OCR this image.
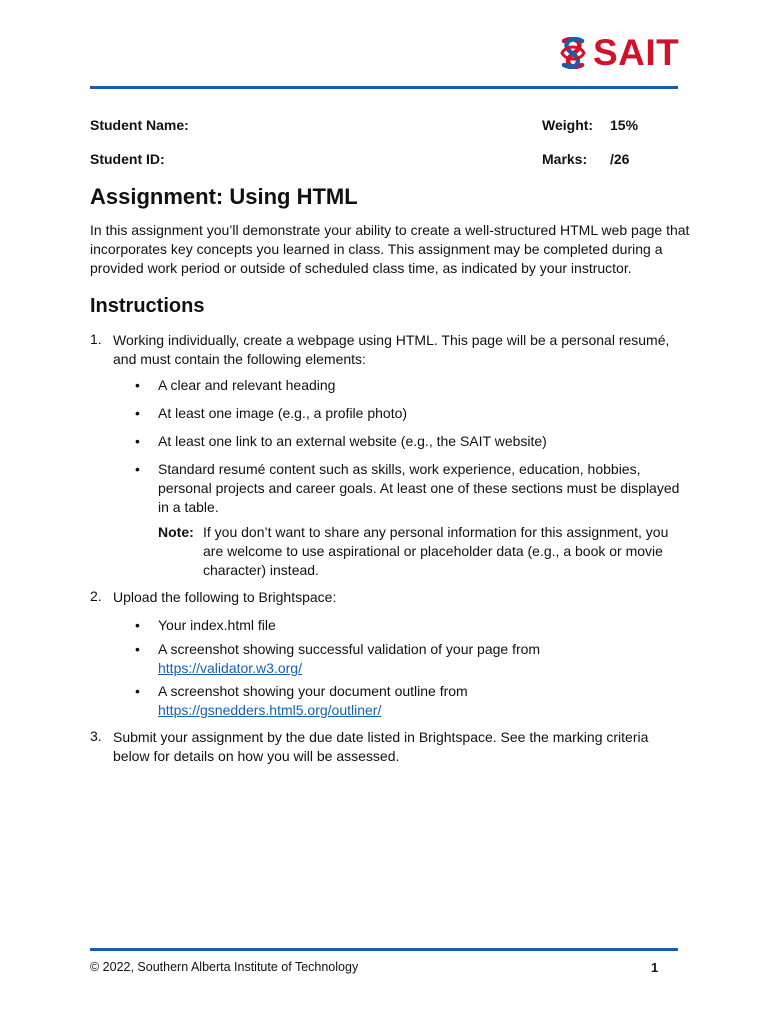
SAIT
Student Name:
Student ID:
Weight: 15%
Marks: /26
Assignment: Using HTML

In this assignment you’ll demonstrate your ability to create a well-structured HTML web page that incorporates key concepts you learned in class. This assignment may be completed during a provided work period or outside of scheduled class time, as indicated by your instructor.

Instructions
1. Working individually, create a webpage using HTML. This page will be a personal resumé, and must contain the following elements:
• A clear and relevant heading
• At least one image (e.g., a profile photo)
• At least one link to an external website (e.g., the SAIT website)
• Standard resumé content such as skills, work experience, education, hobbies, personal projects and career goals. At least one of these sections must be displayed in a table.
Note: If you don’t want to share any personal information for this assignment, you are welcome to use aspirational or placeholder data (e.g., a book or movie character) instead.
2. Upload the following to Brightspace:
• Your index.html file
• A screenshot showing successful validation of your page from
https://validator.w3.org/
• A screenshot showing your document outline from
https://gsnedders.html5.org/outliner/
3. Submit your assignment by the due date listed in Brightspace. See the marking criteria below for details on how you will be assessed.
© 2022, Southern Alberta Institute of Technology	1
